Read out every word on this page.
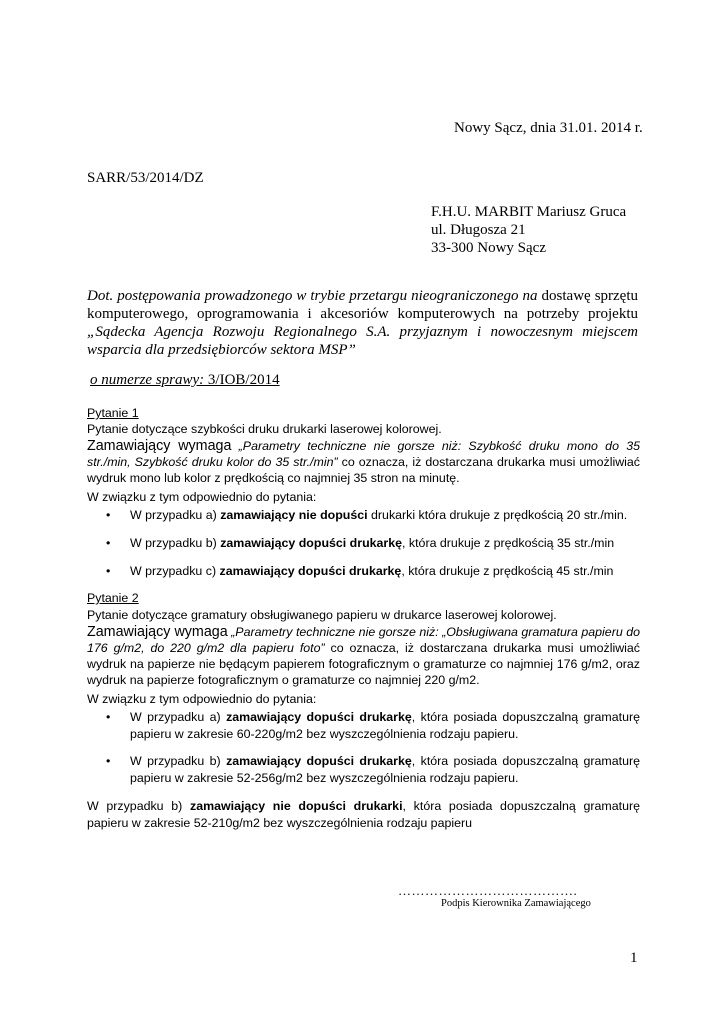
Nowy Sącz, dnia 31.01. 2014 r.
SARR/53/2014/DZ
F.H.U. MARBIT Mariusz Gruca
ul. Długosza 21
33-300 Nowy Sącz
Dot. postępowania prowadzonego w trybie przetargu nieograniczonego na dostawę sprzętu komputerowego, oprogramowania i akcesoriów komputerowych na potrzeby projektu „Sądecka Agencja Rozwoju Regionalnego S.A. przyjaznym i nowoczesnym miejscem wsparcia dla przedsiębiorców sektora MSP”
o numerze sprawy: 3/IOB/2014
Pytanie 1
Pytanie dotyczące szybkości druku drukarki laserowej kolorowej.
Zamawiający wymaga „Parametry techniczne nie gorsze niż: Szybkość druku mono do 35 str./min, Szybkość druku kolor do 35 str./min” co oznacza, iż dostarczana drukarka musi umożliwiać wydruk mono lub kolor z prędkością co najmniej 35 stron na minutę.
W związku z tym odpowiednio do pytania:
• W przypadku a) zamawiający nie dopuści drukarki która drukuje z prędkością 20 str./min.
• W przypadku b) zamawiający dopuści drukarkę, która drukuje z prędkością 35 str./min
• W przypadku c) zamawiający dopuści drukarkę, która drukuje z prędkością 45 str./min
Pytanie 2
Pytanie dotyczące gramatury obsługiwanego papieru w drukarce laserowej kolorowej.
Zamawiający wymaga „Parametry techniczne nie gorsze niż: „Obsługiwana gramatura papieru do 176 g/m2, do 220 g/m2 dla papieru foto” co oznacza, iż dostarczana drukarka musi umożliwiać wydruk na papierze nie będącym papierem fotograficznym o gramaturze co najmniej 176 g/m2, oraz wydruk na papierze fotograficznym o gramaturze co najmniej 220 g/m2.
W związku z tym odpowiednio do pytania:
• W przypadku a) zamawiający dopuści drukarkę, która posiada dopuszczalną gramaturę papieru w zakresie 60-220g/m2 bez wyszczególnienia rodzaju papieru.
• W przypadku b) zamawiający dopuści drukarkę, która posiada dopuszczalną gramaturę papieru w zakresie 52-256g/m2 bez wyszczególnienia rodzaju papieru.
W przypadku b) zamawiający nie dopuści drukarki, która posiada dopuszczalną gramaturę papieru w zakresie 52-210g/m2 bez wyszczególnienia rodzaju papieru
………………………………….
Podpis Kierownika Zamawiającego
1
